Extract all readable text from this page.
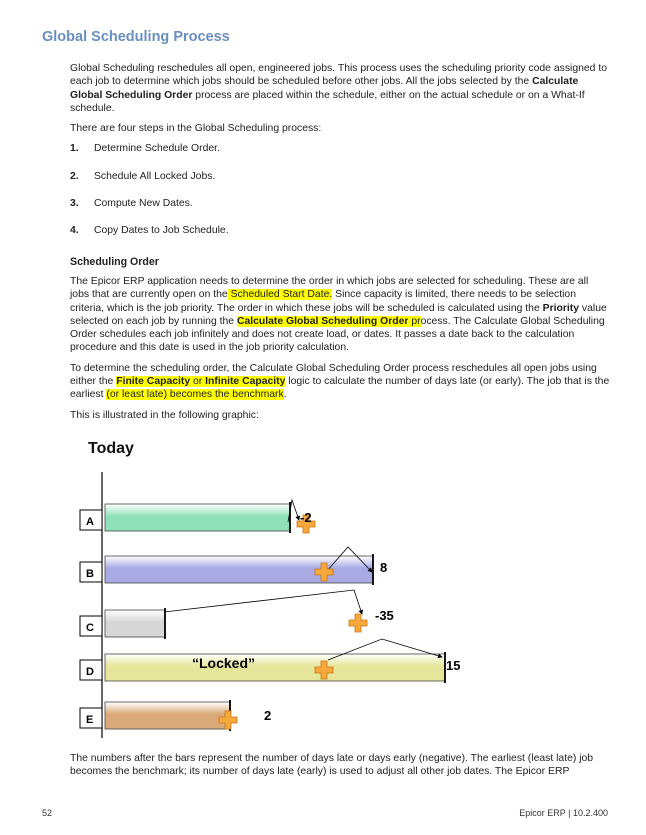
Global Scheduling Process

Global Scheduling reschedules all open, engineered jobs. This process uses the scheduling priority code assigned to each job to determine which jobs should be scheduled before other jobs. All the jobs selected by the Calculate Global Scheduling Order process are placed within the schedule, either on the actual schedule or on a What-If schedule.

There are four steps in the Global Scheduling process:

1. Determine Schedule Order.
2. Schedule All Locked Jobs.
3. Compute New Dates.
4. Copy Dates to Job Schedule.
Scheduling Order

The Epicor ERP application needs to determine the order in which jobs are selected for scheduling. These are all jobs that are currently open on the Scheduled Start Date. Since capacity is limited, there needs to be selection criteria, which is the job priority. The order in which these jobs will be scheduled is calculated using the Priority value selected on each job by running the Calculate Global Scheduling Order process. The Calculate Global Scheduling Order schedules each job infinitely and does not create load, or dates. It passes a date back to the calculation procedure and this date is used in the job priority calculation.

To determine the scheduling order, the Calculate Global Scheduling Order process reschedules all open jobs using either the Finite Capacity or Infinite Capacity logic to calculate the number of days late (or early). The job that is the earliest (or least late) becomes the benchmark.

This is illustrated in the following graphic:

Today
A	-2
B	8
C
-35
D	15
“Locked”
E	2

The numbers after the bars represent the number of days late or days early (negative). The earliest (least late) job becomes the benchmark; its number of days late (early) is used to adjust all other job dates. The Epicor ERP

52	Epicor ERP | 10.2.400
